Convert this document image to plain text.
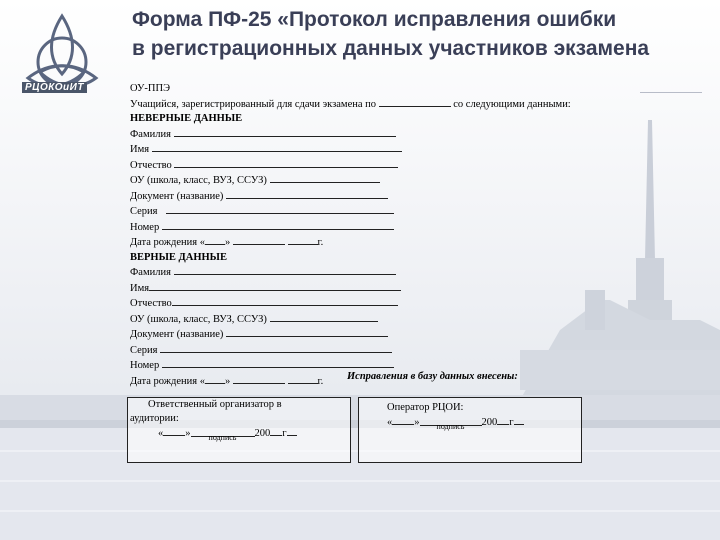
РЦОКОиИТ
Форма ПФ-25 «Протокол исправления ошибки
в регистрационных данных участников экзамена
ОУ-ППЭ
Учащийся, зарегистрированный для сдачи экзамена по	со следующими данными:
НЕВЕРНЫЕ ДАННЫЕ
Фамилия
Имя
Отчество
ОУ (школа, класс, ВУЗ, ССУЗ)
Документ (название)
Серия
Номер
Дата рождения « »	г.
ВЕРНЫЕ ДАННЫЕ
Фамилия
Имя
Отчество
ОУ (школа, класс, ВУЗ, ССУЗ)
Документ (название)
Серия
Номер
Дата рождения « »	г.	Исправления в базу данных внесены:
Ответственный организатор в
аудитории:
« » $_{подпись}$ 200 г
Оператор РЦОИ:
« » $_{подпись}$ 200 г
